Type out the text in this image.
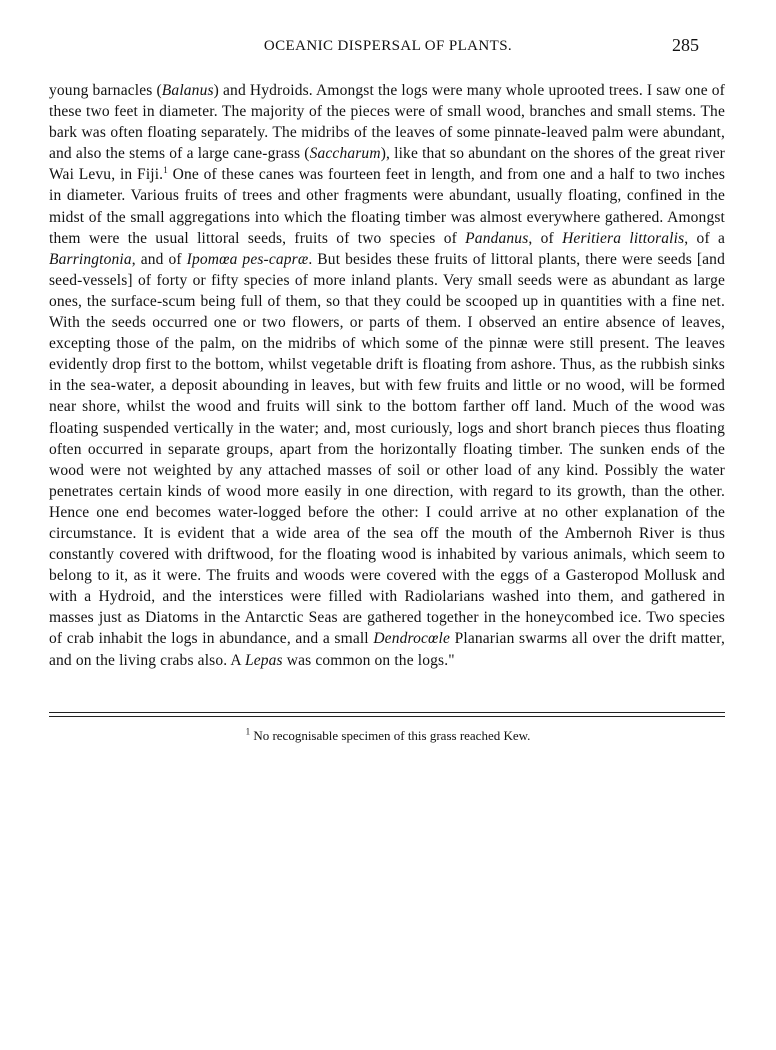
OCEANIC DISPERSAL OF PLANTS.	285

young barnacles (Balanus) and Hydroids. Amongst the logs were many whole uprooted trees. I saw one of these two feet in diameter. The majority of the pieces were of small wood, branches and small stems. The bark was often floating separately. The midribs of the leaves of some pinnate-leaved palm were abundant, and also the stems of a large cane-grass (Saccharum), like that so abundant on the shores of the great river Wai Levu, in Fiji.$^1$ One of these canes was fourteen feet in length, and from one and a half to two inches in diameter. Various fruits of trees and other fragments were abundant, usually floating, confined in the midst of the small aggregations into which the floating timber was almost everywhere gathered. Amongst them were the usual littoral seeds, fruits of two species of Pandanus, of Heritiera littoralis, of a Barringtonia, and of Ipomœa pes-capræ. But besides these fruits of littoral plants, there were seeds [and seed-vessels] of forty or fifty species of more inland plants. Very small seeds were as abundant as large ones, the surface-scum being full of them, so that they could be scooped up in quantities with a fine net. With the seeds occurred one or two flowers, or parts of them. I observed an entire absence of leaves, excepting those of the palm, on the midribs of which some of the pinnæ were still present. The leaves evidently drop first to the bottom, whilst vegetable drift is floating from ashore. Thus, as the rubbish sinks in the sea-water, a deposit abounding in leaves, but with few fruits and little or no wood, will be formed near shore, whilst the wood and fruits will sink to the bottom farther off land. Much of the wood was floating suspended vertically in the water; and, most curiously, logs and short branch pieces thus floating often occurred in separate groups, apart from the horizontally floating timber. The sunken ends of the wood were not weighted by any attached masses of soil or other load of any kind. Possibly the water penetrates certain kinds of wood more easily in one direction, with regard to its growth, than the other. Hence one end becomes water-logged before the other: I could arrive at no other explanation of the circumstance. It is evident that a wide area of the sea off the mouth of the Ambernoh River is thus constantly covered with driftwood, for the floating wood is inhabited by various animals, which seem to belong to it, as it were. The fruits and woods were covered with the eggs of a Gasteropod Mollusk and with a Hydroid, and the interstices were filled with Radiolarians washed into them, and gathered in masses just as Diatoms in the Antarctic Seas are gathered together in the honeycombed ice. Two species of crab inhabit the logs in abundance, and a small Dendrocœle Planarian swarms all over the drift matter, and on the living crabs also. A Lepas was common on the logs."

$^1$ No recognisable specimen of this grass reached Kew.
